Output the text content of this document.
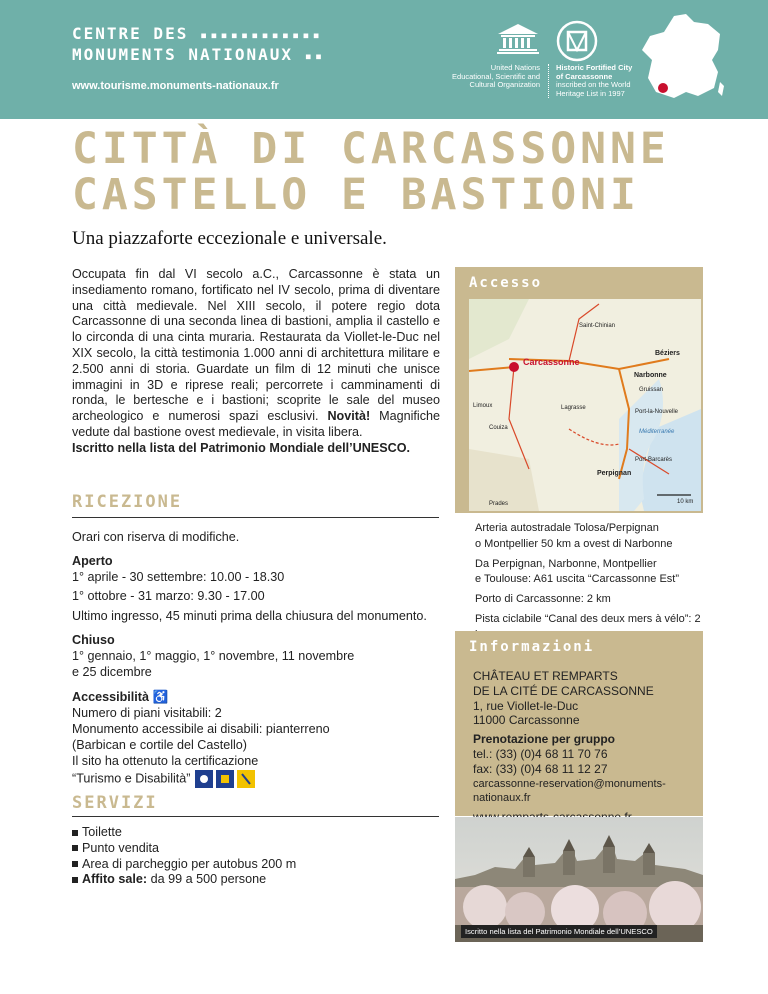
CENTRE DES ▪▪▪▪▪▪▪▪▪▪▪▪
MONUMENTS NATIONAUX ▪▪
www.tourisme.monuments-nationaux.fr
United Nations
Educational, Scientific and
Cultural Organization
Historic Fortified City
of Carcassonne
inscribed on the World
Heritage List in 1997
CITTÀ DI CARCASSONNE
CASTELLO E BASTIONI
Una piazzaforte eccezionale e universale.
Occupata fin dal VI secolo a.C., Carcassonne è stata un insediamento romano, fortificato nel IV secolo, prima di diventare una città medievale. Nel XIII secolo, il potere regio dota Carcassonne di una seconda linea di bastioni, amplia il castello e lo circonda di una cinta muraria. Restaurata da Viollet-le-Duc nel XIX secolo, la città testimonia 1.000 anni di architettura militare e 2.500 anni di storia. Guardate un film di 12 minuti che unisce immagini in 3D e riprese reali; percorrete i camminamenti di ronda, le bertesche e i bastioni; scoprite le sale del museo archeologico e numerosi spazi esclusivi. Novità! Magnifiche vedute dal bastione ovest medievale, in visita libera.
Iscritto nella lista del Patrimonio Mondiale dell’UNESCO.
Accesso
Carcassonne
Béziers
Narbonne
Perpignan
Limoux
Couiza
Méditerranée
Lagrasse
Port-Barcarès
Prades
Gruissan
Port-la-Nouvelle
Saint-Chinian
10 km
Arteria autostradale Tolosa/Perpignan
o Montpellier 50 km a ovest di Narbonne
Da Perpignan, Narbonne, Montpellier
e Toulouse: A61 uscita “Carcassonne Est”
Porto di Carcassonne: 2 km
Pista ciclabile “Canal des deux mers à vélo”: 2
RICEZIONE
Orari con riserva di modifiche.
Aperto
1° aprile - 30 settembre: 10.00 - 18.30
1° ottobre - 31 marzo: 9.30 - 17.00
Ultimo ingresso, 45 minuti prima della chiusura del monumento.
Chiuso
1° gennaio, 1° maggio, 1° novembre, 11 novembre
e 25 dicembre
Accessibilità ♿
Numero di piani visitabili: 2
Monumento accessibile ai disabili: pianterreno
(Barbican e cortile del Castello)
Il sito ha ottenuto la certificazione
“Turismo e Disabilità”
SERVIZI
Toilette
Punto vendita
Area di parcheggio per autobus 200 m
Affito sale: da 99 a 500 persone
Informazioni
CHÂTEAU ET REMPARTS
DE LA CITÉ DE CARCASSONNE
1, rue Viollet-le-Duc
11000 Carcassonne
Prenotazione per gruppo
tel.: (33) (0)4 68 11 70 76
fax: (33) (0)4 68 11 12 27
carcassonne-reservation@monuments-nationaux.fr
Iscritto nella lista del Patrimonio Mondiale dell’UNESCO
